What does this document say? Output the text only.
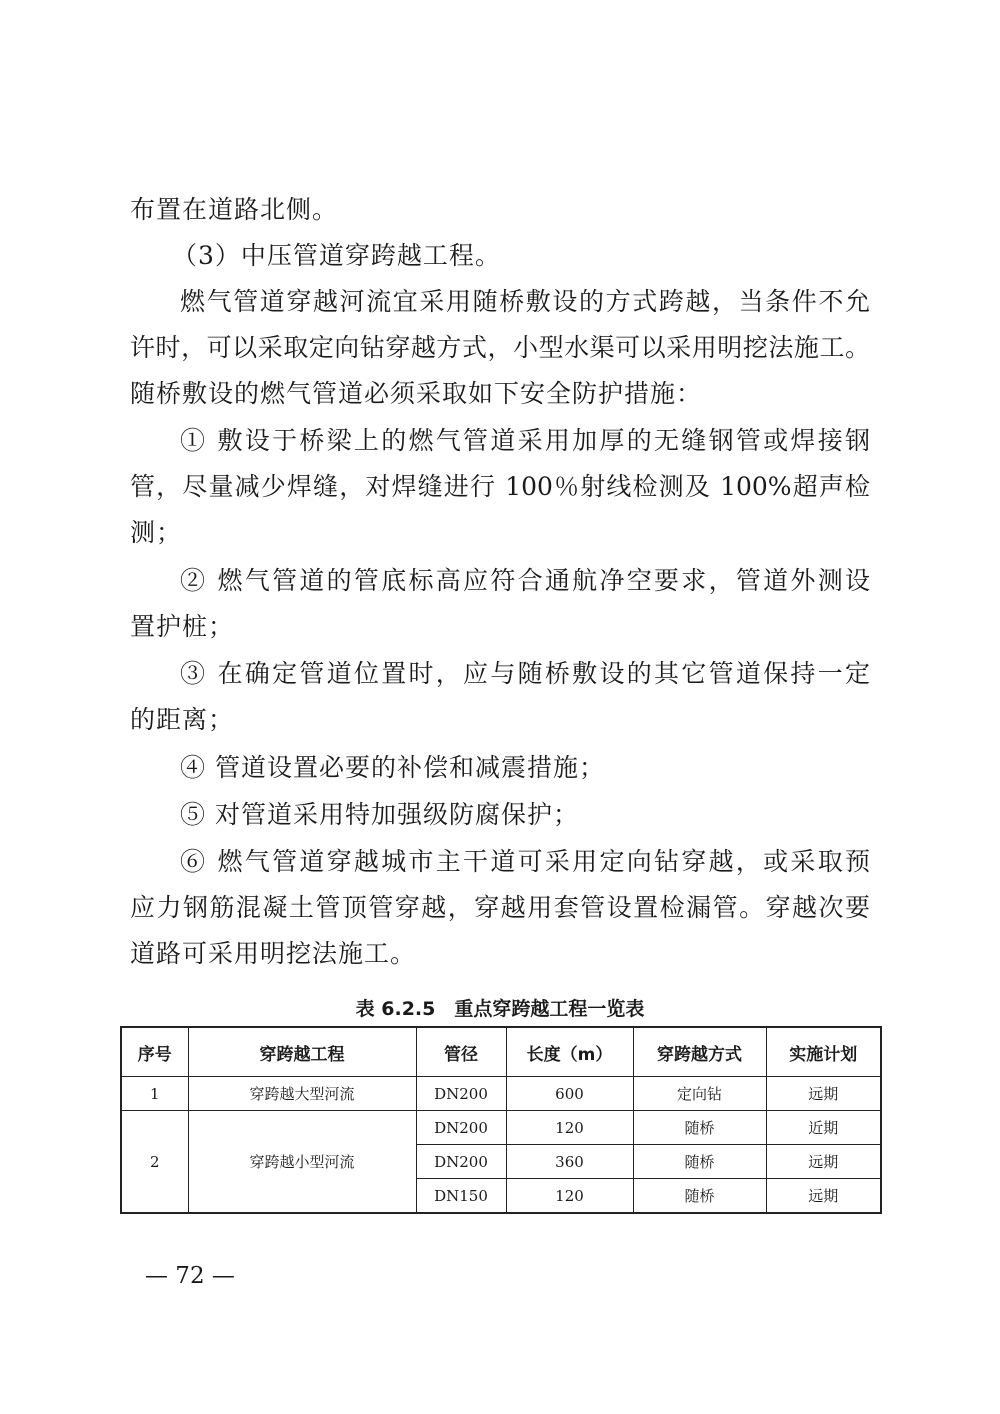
布置在道路北侧。
（3）中压管道穿跨越工程。
燃气管道穿越河流宜采用随桥敷设的方式跨越，当条件不允
许时，可以采取定向钻穿越方式，小型水渠可以采用明挖法施工。
随桥敷设的燃气管道必须采取如下安全防护措施：
① 敷设于桥梁上的燃气管道采用加厚的无缝钢管或焊接钢
管，尽量减少焊缝，对焊缝进行 100％射线检测及 100%超声检
测；
② 燃气管道的管底标高应符合通航净空要求，管道外测设
置护桩；
③ 在确定管道位置时，应与随桥敷设的其它管道保持一定
的距离；
④ 管道设置必要的补偿和减震措施；
⑤ 对管道采用特加强级防腐保护；
⑥ 燃气管道穿越城市主干道可采用定向钻穿越，或采取预
应力钢筋混凝土管顶管穿越，穿越用套管设置检漏管。穿越次要
道路可采用明挖法施工。
表 6.2.5　重点穿跨越工程一览表
序号	穿跨越工程	管径	长度（m）	穿跨越方式	实施计划
1	穿跨越大型河流	DN200	600	定向钻	远期
2	穿跨越小型河流	DN200	120	随桥	近期
		DN200	360	随桥	远期
		DN150	120	随桥	远期
— 72 —
